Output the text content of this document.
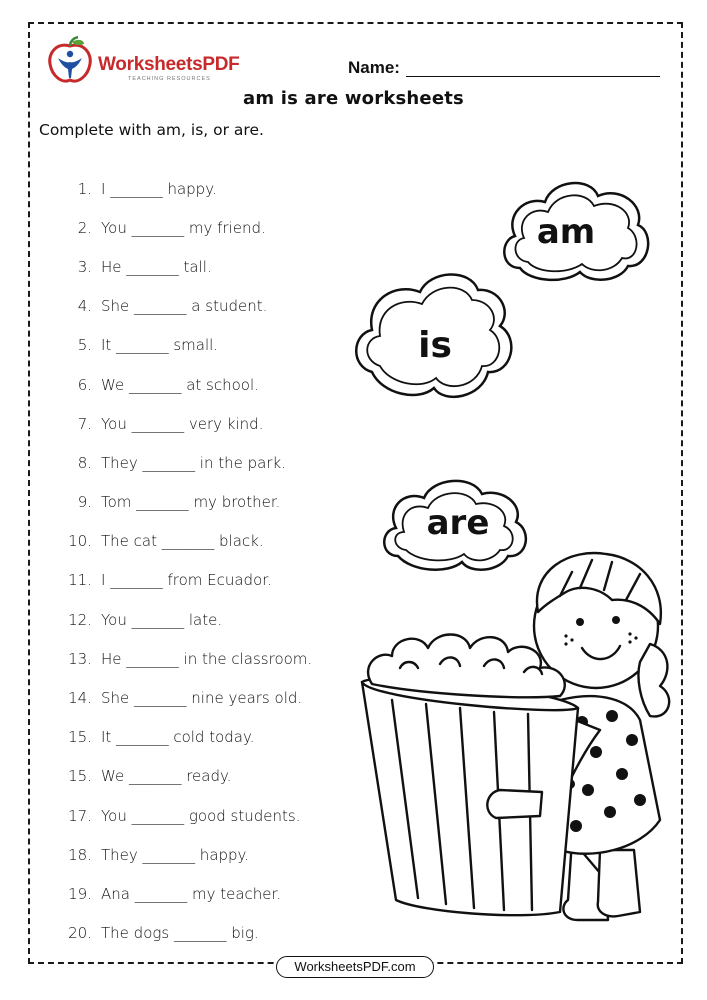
WorksheetsPDF
TEACHING RESOURCES
Name:
am is are worksheets
Complete with am, is, or are.
1. I _______ happy.
2. You _______ my friend.
3. He _______ tall.
4. She _______ a student.
5. It _______ small.
6. We _______ at school.
7. You _______ very kind.
8. They _______ in the park.
9. Tom _______ my brother.
10. The cat _______ black.
11. I _______ from Ecuador.
12. You _______ late.
13. He _______ in the classroom.
14. She _______ nine years old.
15. It _______ cold today.
15. We _______ ready.
17. You _______ good students.
18. They _______ happy.
19. Ana _______ my teacher.
20. The dogs _______ big.
am
is
are
WorksheetsPDF.com
